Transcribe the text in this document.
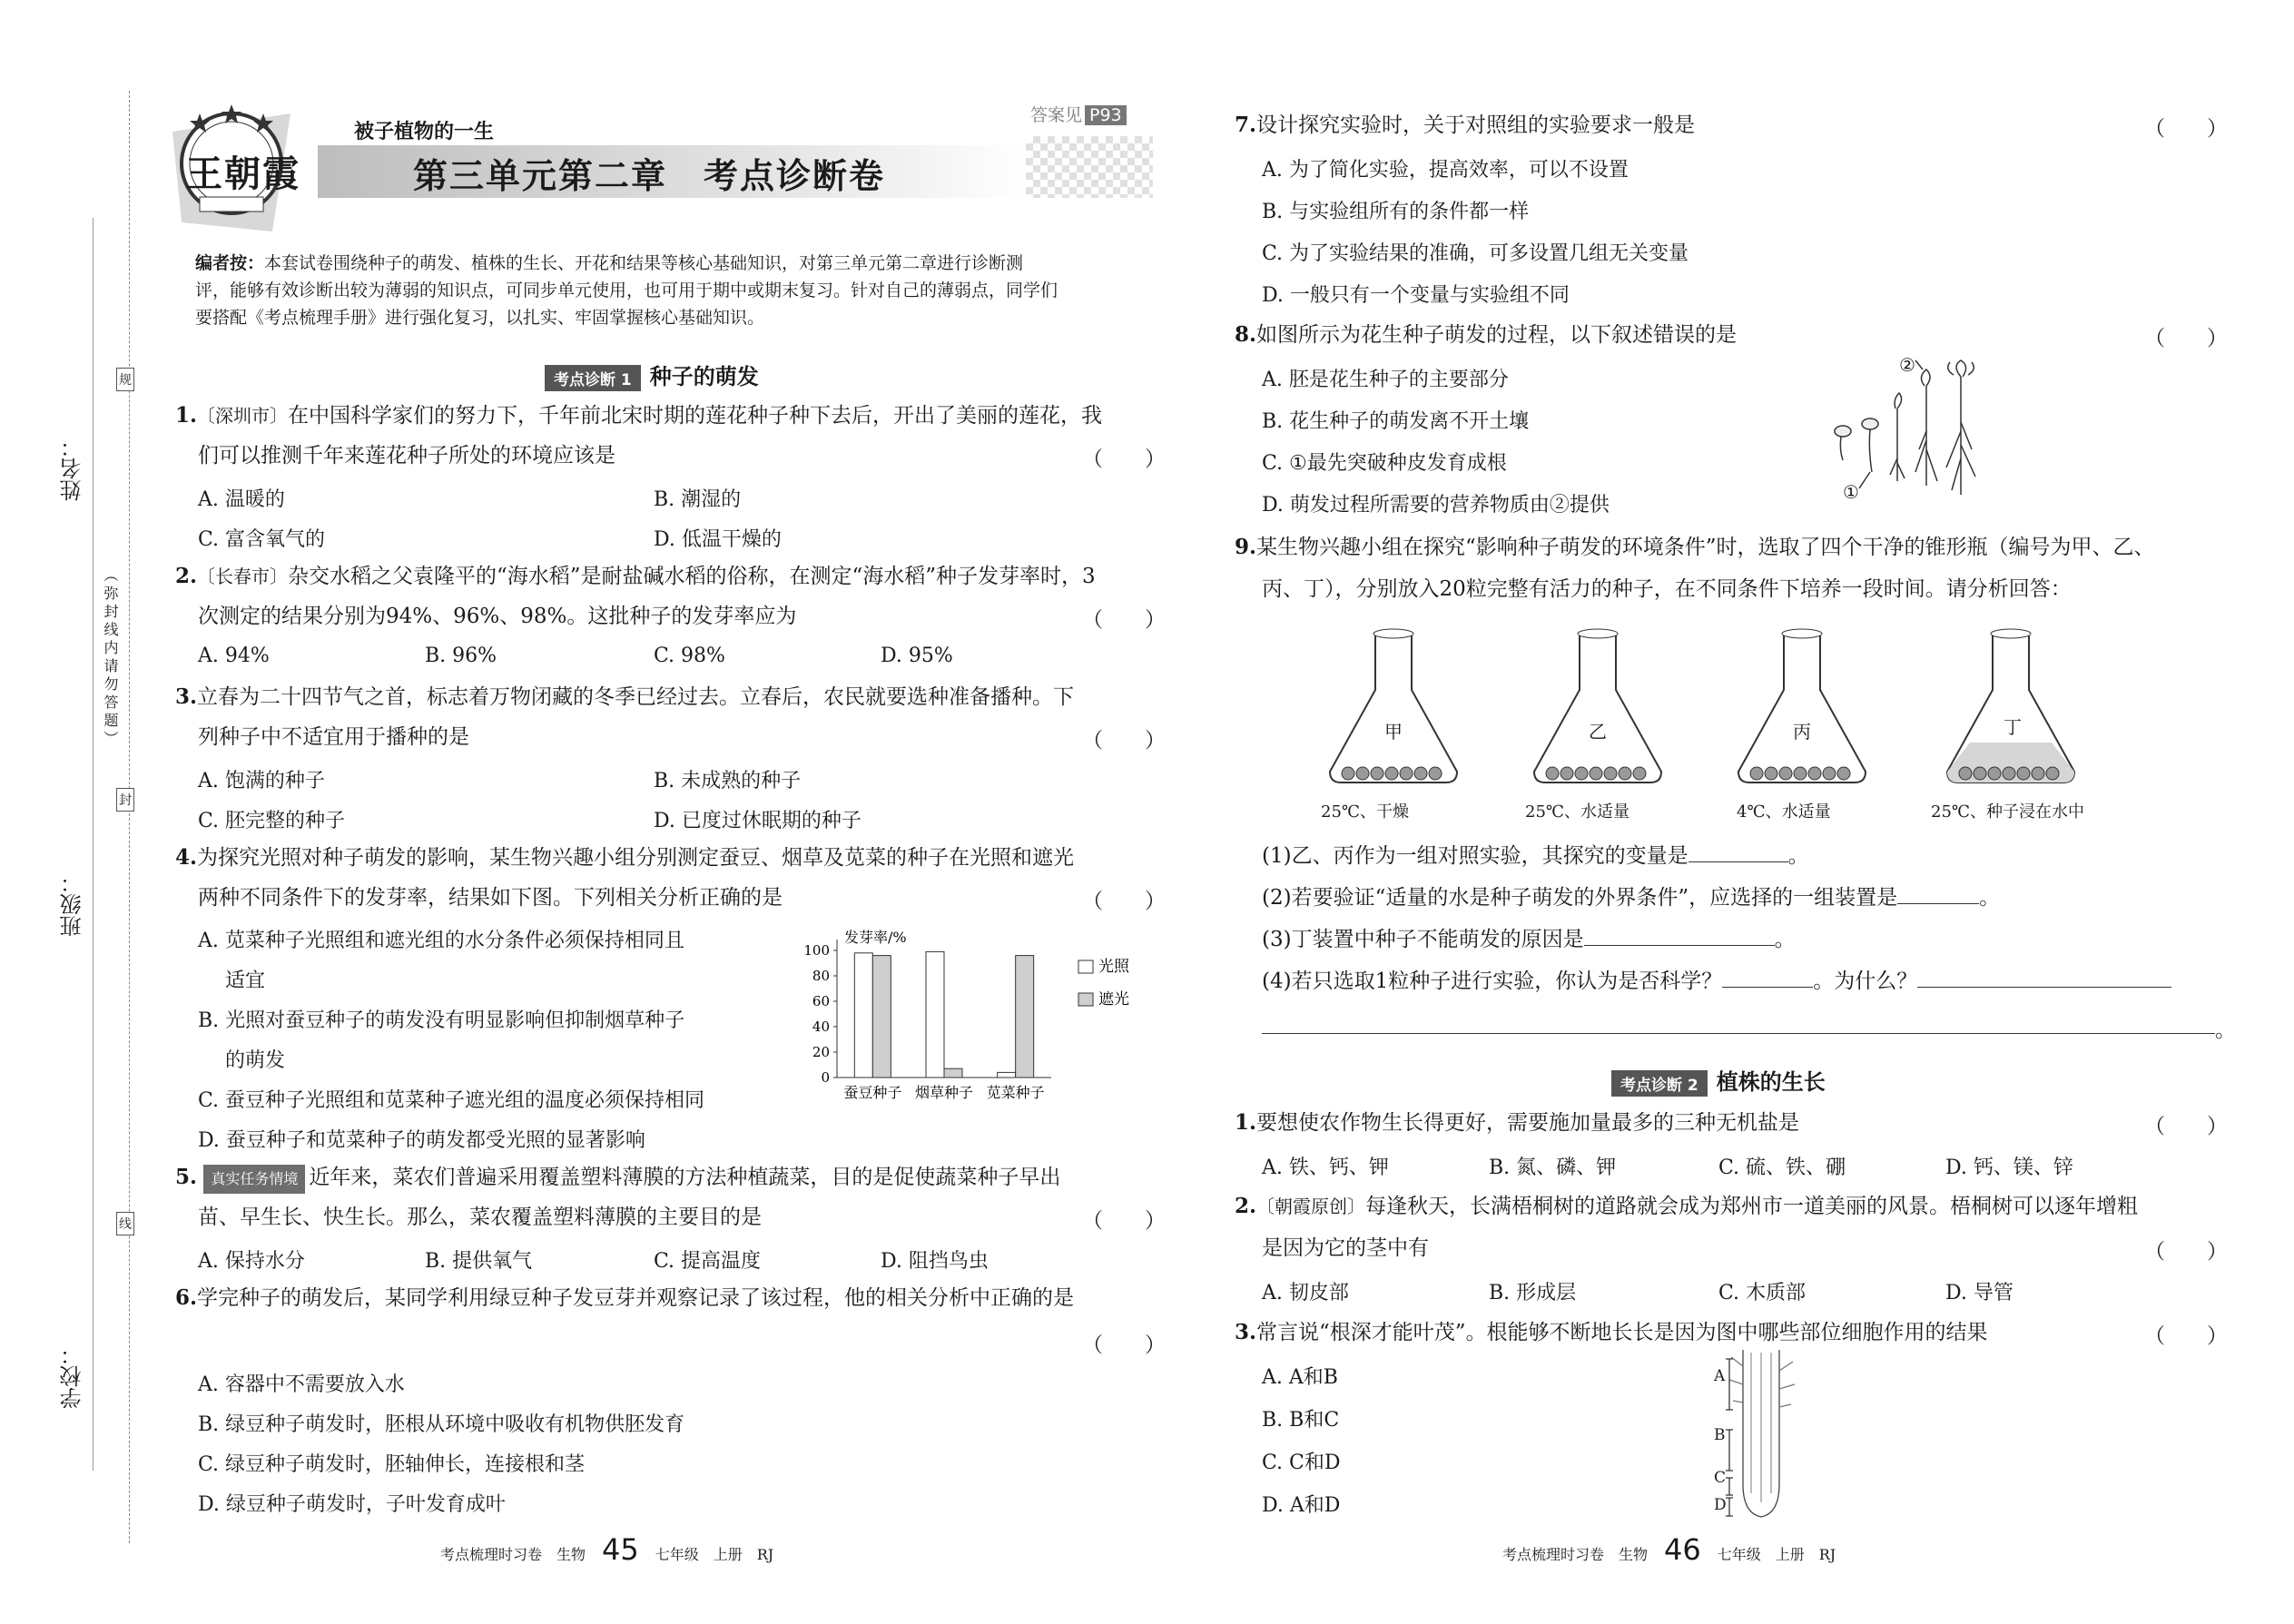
姓名：
班级：
学校：
（弥封线内请勿答题）
规
封
线
王朝霞
被子植物的一生
第三单元第二章　考点诊断卷
答案见 P93
编者按：本套试卷围绕种子的萌发、植株的生长、开花和结果等核心基础知识，对第三单元第二章进行诊断测
评，能够有效诊断出较为薄弱的知识点，可同步单元使用，也可用于期中或期末复习。针对自己的薄弱点，同学们
要搭配《考点梳理手册》进行强化复习，以扎实、牢固掌握核心基础知识。
考点诊断 1 种子的萌发
1.〔深圳市〕在中国科学家们的努力下，千年前北宋时期的莲花种子种下去后，开出了美丽的莲花，我
们可以推测千年来莲花种子所处的环境应该是	（　　）
A. 温暖的	B. 潮湿的
C. 富含氧气的	D. 低温干燥的
2.〔长春市〕杂交水稻之父袁隆平的“海水稻”是耐盐碱水稻的俗称，在测定“海水稻”种子发芽率时，3
次测定的结果分别为94%、96%、98%。这批种子的发芽率应为	（　　）
A. 94%	B. 96%	C. 98%	D. 95%
3.立春为二十四节气之首，标志着万物闭藏的冬季已经过去。立春后，农民就要选种准备播种。下
列种子中不适宜用于播种的是	（　　）
A. 饱满的种子	B. 未成熟的种子
C. 胚完整的种子	D. 已度过休眠期的种子
4.为探究光照对种子萌发的影响，某生物兴趣小组分别测定蚕豆、烟草及苋菜的种子在光照和遮光
两种不同条件下的发芽率，结果如下图。下列相关分析正确的是	（　　）
A. 苋菜种子光照组和遮光组的水分条件必须保持相同且
适宜
B. 光照对蚕豆种子的萌发没有明显影响但抑制烟草种子
的萌发
C. 蚕豆种子光照组和苋菜种子遮光组的温度必须保持相同
D. 蚕豆种子和苋菜种子的萌发都受光照的显著影响
发芽率/%
0
20
40
60
80
100
蚕豆种子 烟草种子 苋菜种子
光照
遮光
5. 真实任务情境 近年来，菜农们普遍采用覆盖塑料薄膜的方法种植蔬菜，目的是促使蔬菜种子早出
苗、早生长、快生长。那么，菜农覆盖塑料薄膜的主要目的是	（　　）
A. 保持水分	B. 提供氧气	C. 提高温度	D. 阻挡鸟虫
6.学完种子的萌发后，某同学利用绿豆种子发豆芽并观察记录了该过程，他的相关分析中正确的是
（　　）
A. 容器中不需要放入水
B. 绿豆种子萌发时，胚根从环境中吸收有机物供胚发育
C. 绿豆种子萌发时，胚轴伸长，连接根和茎
D. 绿豆种子萌发时，子叶发育成叶
考点梳理时习卷　生物 45 七年级　上册　RJ
7.设计探究实验时，关于对照组的实验要求一般是	（　　）
A. 为了简化实验，提高效率，可以不设置
B. 与实验组所有的条件都一样
C. 为了实验结果的准确，可多设置几组无关变量
D. 一般只有一个变量与实验组不同
8.如图所示为花生种子萌发的过程，以下叙述错误的是	（　　）
A. 胚是花生种子的主要部分
B. 花生种子的萌发离不开土壤
C. ①最先突破种皮发育成根
D. 萌发过程所需要的营养物质由②提供
①
②
9.某生物兴趣小组在探究“影响种子萌发的环境条件”时，选取了四个干净的锥形瓶（编号为甲、乙、
丙、丁），分别放入20粒完整有活力的种子，在不同条件下培养一段时间。请分析回答：
甲
25℃、干燥
乙
25℃、水适量
丙
4℃、水适量
丁
25℃、种子浸在水中
(1)乙、丙作为一组对照实验，其探究的变量是	。
(2)若要验证“适量的水是种子萌发的外界条件”，应选择的一组装置是	。
(3)丁装置中种子不能萌发的原因是	。
(4)若只选取1粒种子进行实验，你认为是否科学？	。为什么？
。
考点诊断 2 植株的生长
1.要想使农作物生长得更好，需要施加量最多的三种无机盐是	（　　）
A. 铁、钙、钾	B. 氮、磷、钾	C. 硫、铁、硼	D. 钙、镁、锌
2.〔朝霞原创〕每逢秋天，长满梧桐树的道路就会成为郑州市一道美丽的风景。梧桐树可以逐年增粗
是因为它的茎中有	（　　）
A. 韧皮部	B. 形成层	C. 木质部	D. 导管
3.常言说“根深才能叶茂”。根能够不断地长长是因为图中哪些部位细胞作用的结果	（　　）
A. A和B
B. B和C
C. C和D
D. A和D
A
B
C
D
考点梳理时习卷　生物 46 七年级　上册　RJ
